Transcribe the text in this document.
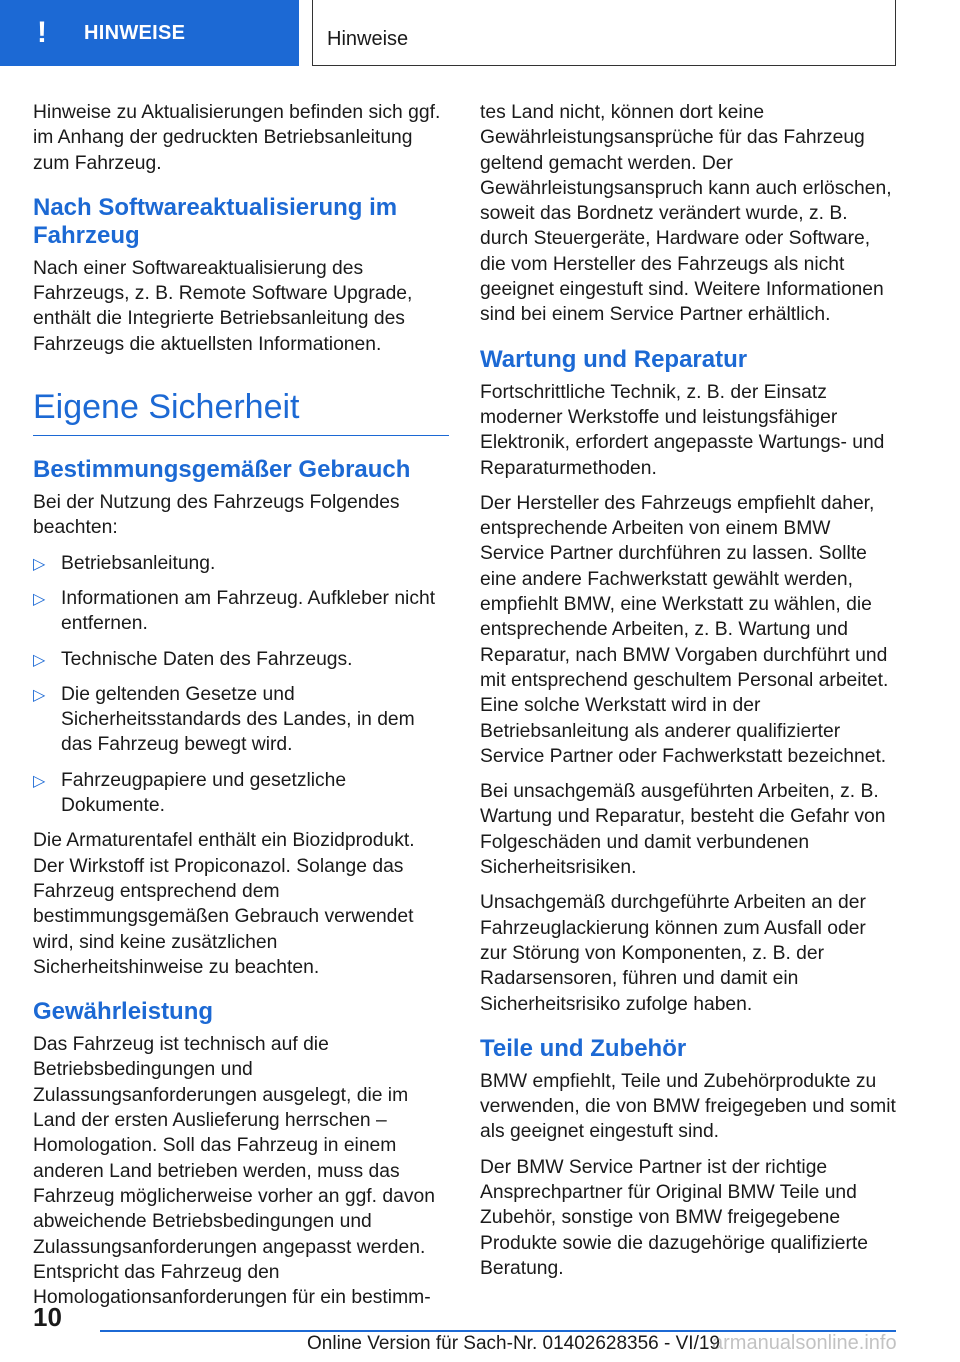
!	HINWEISE	Hinweise

Hinweise zu Aktualisierungen befinden sich ggf. im Anhang der gedruckten Betriebsanleitung zum Fahrzeug.

Nach Softwareaktualisierung im Fahrzeug

Nach einer Softwareaktualisierung des Fahrzeugs, z. B. Remote Software Upgrade, enthält die Integrierte Betriebsanleitung des Fahrzeugs die aktuellsten Informationen.

Eigene Sicherheit
Bestimmungsgemäßer Gebrauch

Bei der Nutzung des Fahrzeugs Folgendes beachten:

▷ Betriebsanleitung.
▷ Informationen am Fahrzeug. Aufkleber nicht entfernen.
▷ Technische Daten des Fahrzeugs.
▷ Die geltenden Gesetze und Sicherheitsstandards des Landes, in dem das Fahrzeug bewegt wird.
▷ Fahrzeugpapiere und gesetzliche Dokumente.

Die Armaturentafel enthält ein Biozidprodukt. Der Wirkstoff ist Propiconazol. Solange das Fahrzeug entsprechend dem bestimmungsgemäßen Gebrauch verwendet wird, sind keine zusätzlichen Sicherheitshinweise zu beachten.

Gewährleistung

Das Fahrzeug ist technisch auf die Betriebsbedingungen und Zulassungsanforderungen ausgelegt, die im Land der ersten Auslieferung herrschen – Homologation. Soll das Fahrzeug in einem anderen Land betrieben werden, muss das Fahrzeug möglicherweise vorher an ggf. davon abweichende Betriebsbedingungen und Zulassungsanforderungen angepasst werden. Entspricht das Fahrzeug den Homologationsanforderungen für ein bestimm-

tes Land nicht, können dort keine Gewährleistungsansprüche für das Fahrzeug geltend gemacht werden. Der Gewährleistungsanspruch kann auch erlöschen, soweit das Bordnetz verändert wurde, z. B. durch Steuergeräte, Hardware oder Software, die vom Hersteller des Fahrzeugs als nicht geeignet eingestuft sind. Weitere Informationen sind bei einem Service Partner erhältlich.

Wartung und Reparatur

Fortschrittliche Technik, z. B. der Einsatz moderner Werkstoffe und leistungsfähiger Elektronik, erfordert angepasste Wartungs- und Reparaturmethoden.

Der Hersteller des Fahrzeugs empfiehlt daher, entsprechende Arbeiten von einem BMW Service Partner durchführen zu lassen. Sollte eine andere Fachwerkstatt gewählt werden, empfiehlt BMW, eine Werkstatt zu wählen, die entsprechende Arbeiten, z. B. Wartung und Reparatur, nach BMW Vorgaben durchführt und mit entsprechend geschultem Personal arbeitet. Eine solche Werkstatt wird in der Betriebsanleitung als anderer qualifizierter Service Partner oder Fachwerkstatt bezeichnet.

Bei unsachgemäß ausgeführten Arbeiten, z. B. Wartung und Reparatur, besteht die Gefahr von Folgeschäden und damit verbundenen Sicherheitsrisiken.

Unsachgemäß durchgeführte Arbeiten an der Fahrzeuglackierung können zum Ausfall oder zur Störung von Komponenten, z. B. der Radarsensoren, führen und damit ein Sicherheitsrisiko zufolge haben.

Teile und Zubehör

BMW empfiehlt, Teile und Zubehörprodukte zu verwenden, die von BMW freigegeben und somit als geeignet eingestuft sind.

Der BMW Service Partner ist der richtige Ansprechpartner für Original BMW Teile und Zubehör, sonstige von BMW freigegebene Produkte sowie die dazugehörige qualifizierte Beratung.

10
Online Version für Sach-Nr. 01402628356 - VI/19
armanualsonline.info
